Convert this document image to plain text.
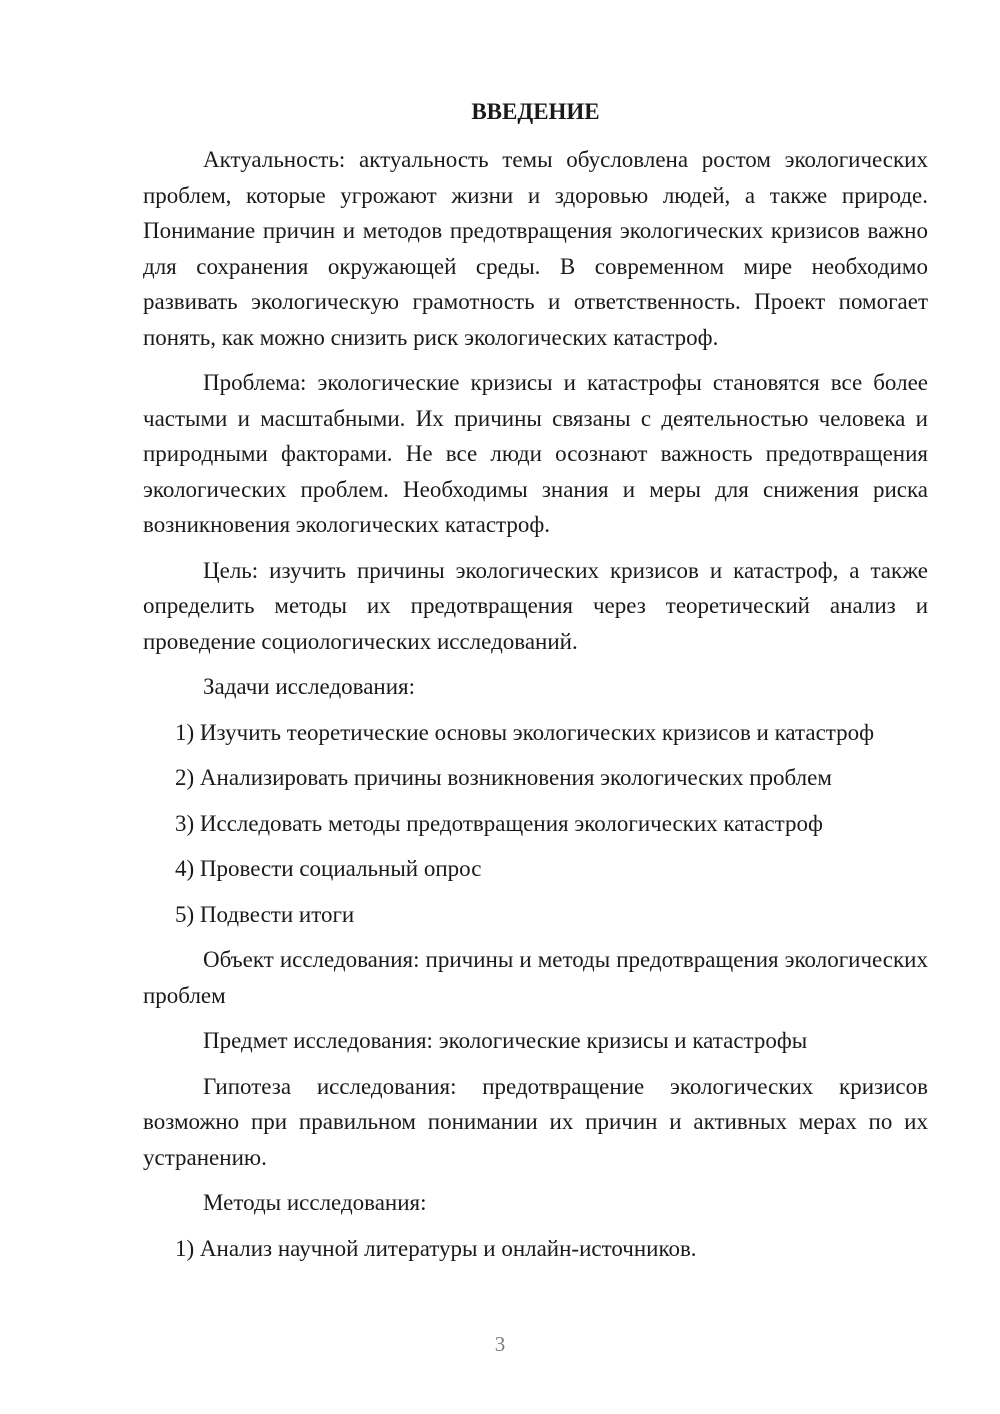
ВВЕДЕНИЕ

Актуальность: актуальность темы обусловлена ростом экологических проблем, которые угрожают жизни и здоровью людей, а также природе. Понимание причин и методов предотвращения экологических кризисов важно для сохранения окружающей среды. В современном мире необходимо развивать экологическую грамотность и ответственность. Проект помогает понять, как можно снизить риск экологических катастроф.

Проблема: экологические кризисы и катастрофы становятся все более частыми и масштабными. Их причины связаны с деятельностью человека и природными факторами. Не все люди осознают важность предотвращения экологических проблем. Необходимы знания и меры для снижения риска возникновения экологических катастроф.

Цель: изучить причины экологических кризисов и катастроф, а также определить методы их предотвращения через теоретический анализ и проведение социологических исследований.

Задачи исследования:

1) Изучить теоретические основы экологических кризисов и катастроф

2) Анализировать причины возникновения экологических проблем

3) Исследовать методы предотвращения экологических катастроф

4) Провести социальный опрос

5) Подвести итоги

Объект исследования: причины и методы предотвращения экологических проблем

Предмет исследования: экологические кризисы и катастрофы

Гипотеза исследования: предотвращение экологических кризисов возможно при правильном понимании их причин и активных мерах по их устранению.

Методы исследования:

1) Анализ научной литературы и онлайн-источников.

3
